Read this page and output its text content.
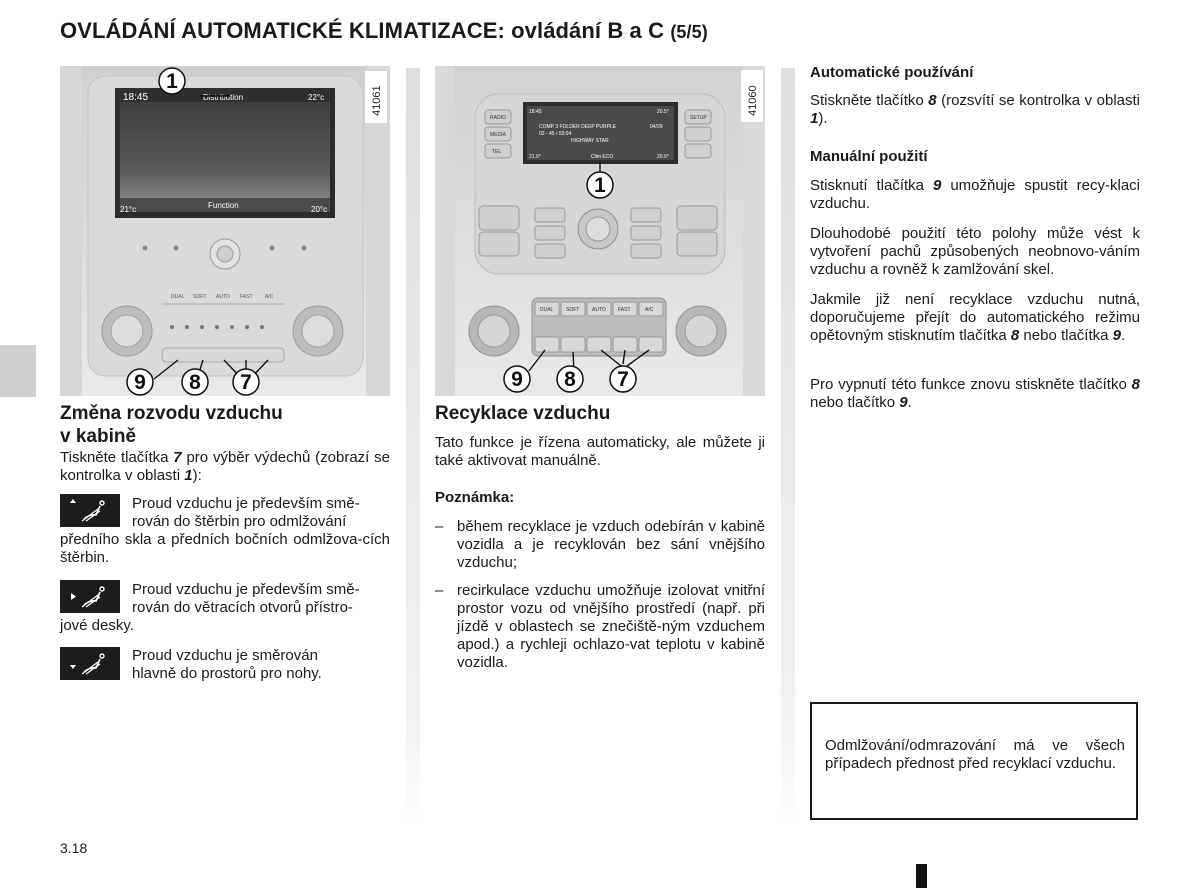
OVLÁDÁNÍ AUTOMATICKÉ KLIMATIZACE: ovládání B a C (5/5)
18:45	Distribution	22°c
Function
21°c	20°c
41061
DUAL SOFT AUTO FAST A/C
1
9 8 7
18:45	20.5°
COMP 3 FOLDER DEEP PURPLE	04/29
02 - 45 / 03:04
HIGHWAY STAR
21.0°	Clim ECO	20.0°
RADIO
MEDIA
TEL
SETUP
DUAL	SOFT	AUTO FAST	A/C
41060
1
9 8 7
Změna rozvodu vzduchu
v kabině
Tiskněte tlačítka 7 pro výběr výdechů (zobrazí se kontrolka v oblasti 1):
Proud vzduchu je především smě-
rován do štěrbin pro odmlžování
předního skla a předních bočních odmlžova-cích štěrbin.
Proud vzduchu je především smě-
rován do větracích otvorů přístro-
jové desky.
Proud vzduchu je směrován
hlavně do prostorů pro nohy.
Recyklace vzduchu
Tato funkce je řízena automaticky, ale můžete ji také aktivovat manuálně.
Poznámka:
– během recyklace je vzduch odebírán v kabině vozidla a je recyklován bez sání vnějšího vzduchu;
– recirkulace vzduchu umožňuje izolovat vnitřní prostor vozu od vnějšího prostředí (např. při jízdě v oblastech se znečiště-ným vzduchem apod.) a rychleji ochlazo-vat teplotu v kabině vozidla.
Automatické používání
Stiskněte tlačítko 8 (rozsvítí se kontrolka v oblasti 1).
Manuální použití
Stisknutí tlačítka 9 umožňuje spustit recy-klaci vzduchu.
Dlouhodobé použití této polohy může vést k vytvoření pachů způsobených neobnovo-váním vzduchu a rovněž k zamlžování skel.
Jakmile již není recyklace vzduchu nutná, doporučujeme přejít do automatického režimu opětovným stisknutím tlačítka 8 nebo tlačítka 9.
Pro vypnutí této funkce znovu stiskněte tlačítko 8 nebo tlačítko 9.
Odmlžování/odmrazování má ve všech případech přednost před recyklací vzduchu.
3.18
